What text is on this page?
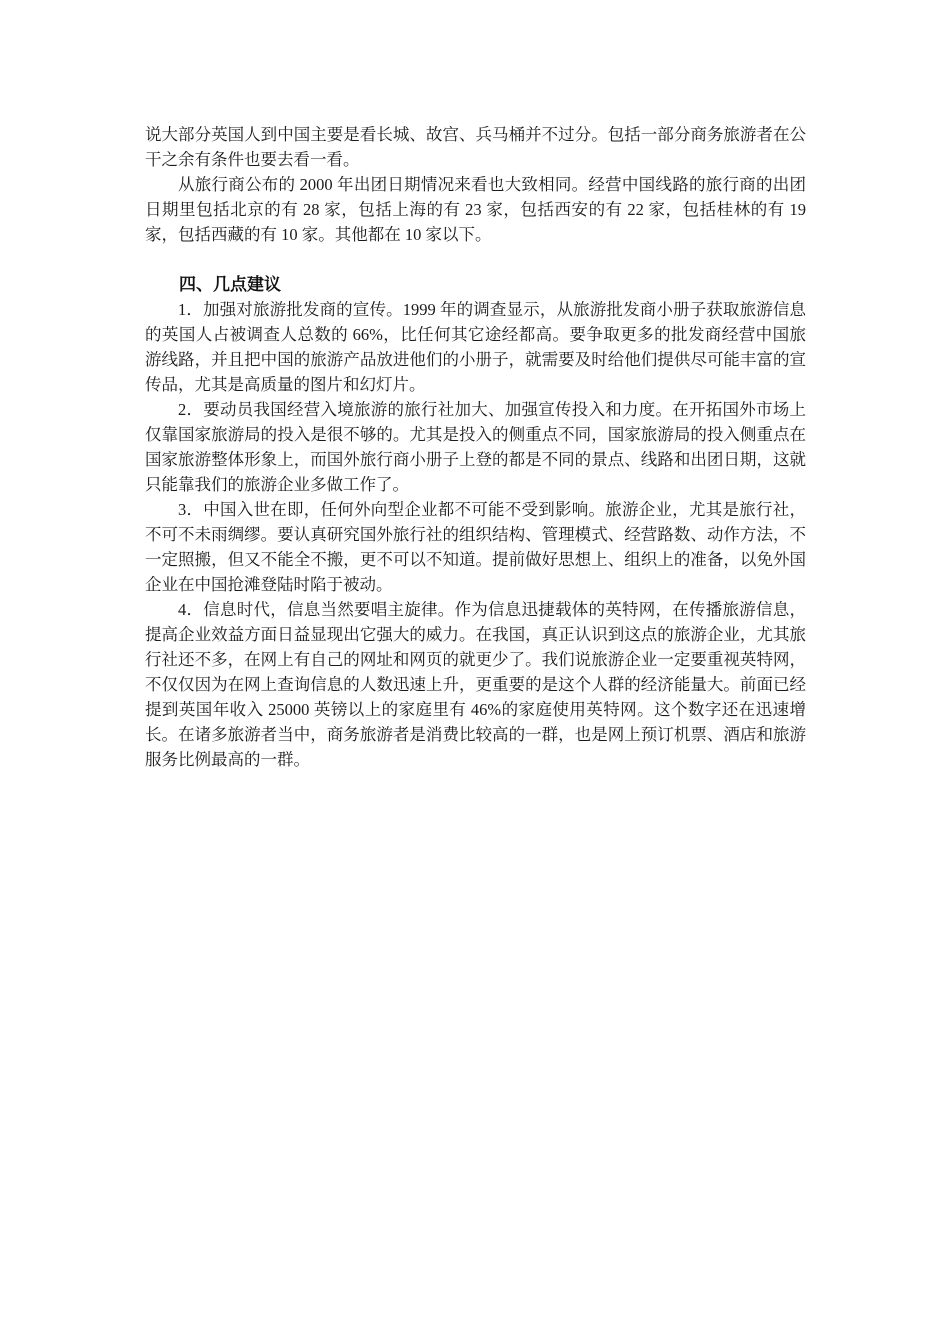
说大部分英国人到中国主要是看长城、故宫、兵马桶并不过分。包括一部分商务旅游者在公干之余有条件也要去看一看。

从旅行商公布的 2000 年出团日期情况来看也大致相同。经营中国线路的旅行商的出团日期里包括北京的有 28 家，包括上海的有 23 家，包括西安的有 22 家，包括桂林的有 19 家，包括西藏的有 10 家。其他都在 10 家以下。

四、几点建议

1．加强对旅游批发商的宣传。1999 年的调查显示，从旅游批发商小册子获取旅游信息的英国人占被调查人总数的 66%，比任何其它途经都高。要争取更多的批发商经营中国旅游线路，并且把中国的旅游产品放进他们的小册子，就需要及时给他们提供尽可能丰富的宣传品，尤其是高质量的图片和幻灯片。

2．要动员我国经营入境旅游的旅行社加大、加强宣传投入和力度。在开拓国外市场上仅靠国家旅游局的投入是很不够的。尤其是投入的侧重点不同，国家旅游局的投入侧重点在国家旅游整体形象上，而国外旅行商小册子上登的都是不同的景点、线路和出团日期，这就只能靠我们的旅游企业多做工作了。

3．中国入世在即，任何外向型企业都不可能不受到影响。旅游企业，尤其是旅行社，不可不未雨绸缪。要认真研究国外旅行社的组织结构、管理模式、经营路数、动作方法，不一定照搬，但又不能全不搬，更不可以不知道。提前做好思想上、组织上的准备，以免外国企业在中国抢滩登陆时陷于被动。

4．信息时代，信息当然要唱主旋律。作为信息迅捷载体的英特网，在传播旅游信息，提高企业效益方面日益显现出它强大的威力。在我国，真正认识到这点的旅游企业，尤其旅行社还不多，在网上有自己的网址和网页的就更少了。我们说旅游企业一定要重视英特网，不仅仅因为在网上查询信息的人数迅速上升，更重要的是这个人群的经济能量大。前面已经提到英国年收入 25000 英镑以上的家庭里有 46%的家庭使用英特网。这个数字还在迅速增长。在诸多旅游者当中，商务旅游者是消费比较高的一群，也是网上预订机票、酒店和旅游服务比例最高的一群。
